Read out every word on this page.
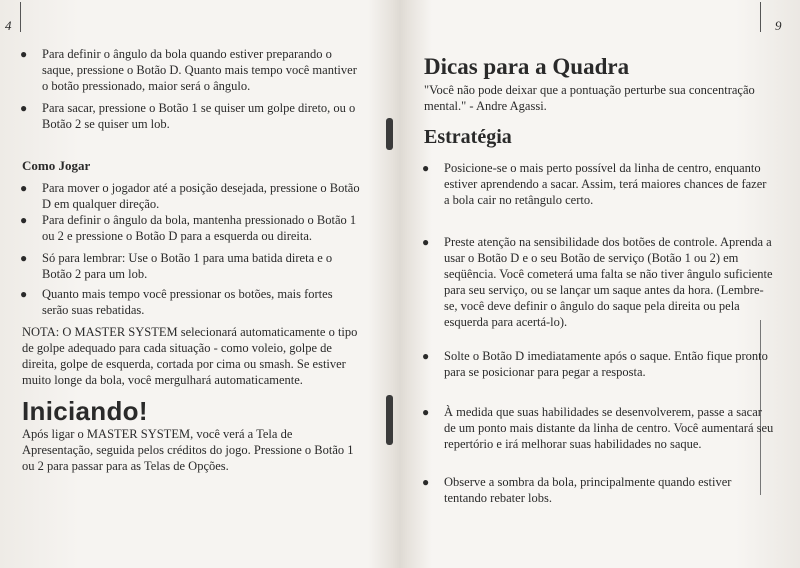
4	9
● Para definir o ângulo da bola quando estiver preparando o saque, pressione o Botão D. Quanto mais tempo você mantiver o botão pressionado, maior será o ângulo.
● Para sacar, pressione o Botão 1 se quiser um golpe direto, ou o Botão 2 se quiser um lob.
Como Jogar
● Para mover o jogador até a posição desejada, pressione o Botão D em qualquer direção.
● Para definir o ângulo da bola, mantenha pressionado o Botão 1 ou 2 e pressione o Botão D para a esquerda ou direita.
● Só para lembrar: Use o Botão 1 para uma batida direta e o Botão 2 para um lob.
● Quanto mais tempo você pressionar os botões, mais fortes serão suas rebatidas.
NOTA: O MASTER SYSTEM selecionará automaticamente o tipo de golpe adequado para cada situação - como voleio, golpe de direita, golpe de esquerda, cortada por cima ou smash. Se estiver muito longe da bola, você mergulhará automaticamente.
Iniciando!
Após ligar o MASTER SYSTEM, você verá a Tela de Apresentação, seguida pelos créditos do jogo. Pressione o Botão 1 ou 2 para passar para as Telas de Opções.
Dicas para a Quadra
"Você não pode deixar que a pontuação perturbe sua concentração mental." - Andre Agassi.
Estratégia
● Posicione-se o mais perto possível da linha de centro, enquanto estiver aprendendo a sacar. Assim, terá maiores chances de fazer a bola cair no retângulo certo.
● Preste atenção na sensibilidade dos botões de controle. Aprenda a usar o Botão D e o seu Botão de serviço (Botão 1 ou 2) em seqüência. Você cometerá uma falta se não tiver ângulo suficiente para seu serviço, ou se lançar um saque antes da hora. (Lembre-se, você deve definir o ângulo do saque pela direita ou pela esquerda para acertá-lo).
● Solte o Botão D imediatamente após o saque. Então fique pronto para se posicionar para pegar a resposta.
● À medida que suas habilidades se desenvolverem, passe a sacar de um ponto mais distante da linha de centro. Você aumentará seu repertório e irá melhorar suas habilidades no saque.
● Observe a sombra da bola, principalmente quando estiver tentando rebater lobs.
